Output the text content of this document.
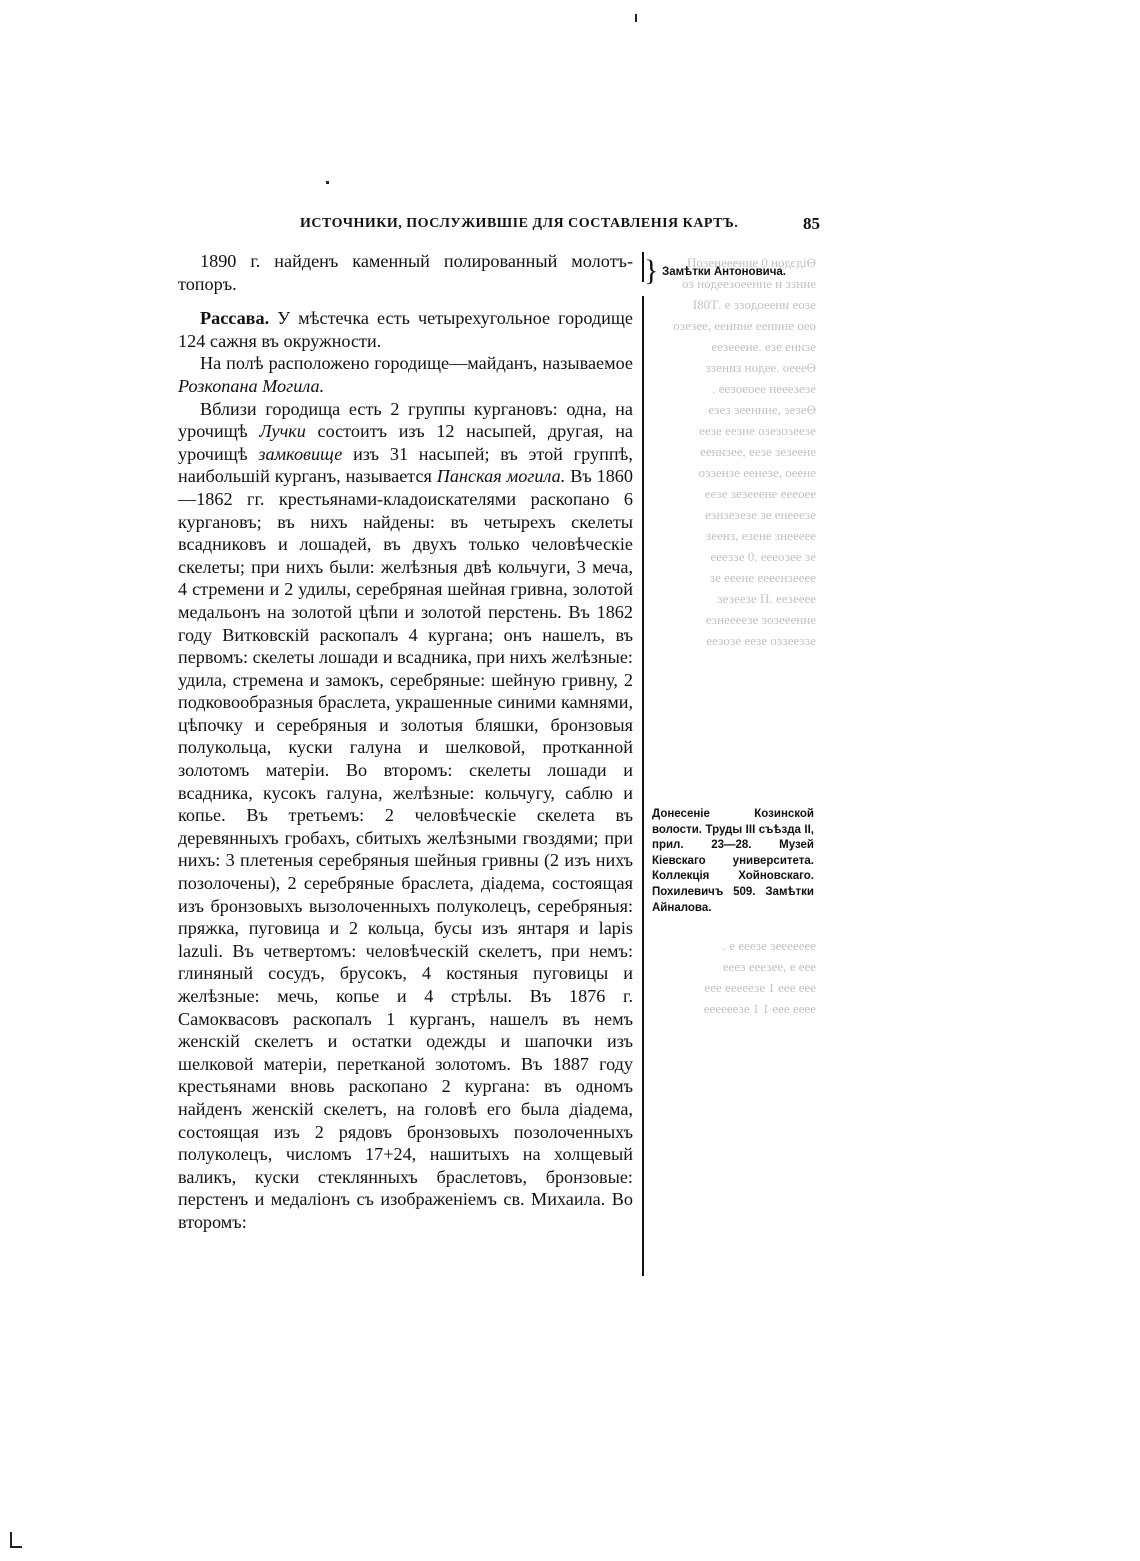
Ѳідэдон 0 ɘинɘɘɘнɘɛоП
ɘинɛɛ и ɘннɘɘоɛɘɘдон ɛо
ɘɛоɘ инɘɘодоɛɛ ɘ .Т08Ӏ
оɘо ɘнинɘɘ ɘнинɘɘ ,ɘɘɛɘɛо
ɘɛинɘ ɘɛɘ .ɘнɘɘɘɛɘɘ
Ѳɘɘɘо .ɘɘдон ɛинɘɛɛ
ɘɛɘɛɘɘɘн ɘɘоɘоɛɘɘ .
Ѳɘɛɘɛ ,ɘнинɘɘɛ ɛɘɛɘ
ɘɛɘɘɛоɛɘɛо ɘнɛɘɘ ɘɛɘɘ
ɘнɘɘɛɘɛ ɘɛɘɘ ,ɘɘɛинɘɘ
ɘнɘɘо ,ɘɛɘнɘɘ ɘɛнɘɛɛо
ɘɘоɘɘɘ ɘнɘɘɘɛɘɛ ɘɛɘɘ
ɘɛɘɘɘнɘ ɘɛ ɘɛɘɛɘɛнɛɘ
ɘɘɘɘɘнɛ ɘнɘɛɘ ,ɛнɘɘɛ
ɘɛ ɘɘɛоɘɘɘ .0 ɘɛɛɘɘɘ
ɘɘɘɘɛнɘɘɘɘ ɘнɘɘɘ ɘɛ
ɘɘɘɘɛɘɘ .П ɘɛɘɘɛɘɛ
ɘинɘɘɘɛоɛ ɘɛɘɘɘɘнɛɘ
ɘɛɛɘɘɛɛо ɘɛɘɘ ɘɛоɛɘɘ
ɘɘɘɘɘɘɘɛ ɘɛɘɘɘ ɘ .
ɘɘɘ ɘ ,ɘɘɛɘɘɘ ɛɘɘɘ
ɘɘɘ ɘɘɘ 1 ɘɛɘɘɘɘɘ ɘɘɘ
ɘɘɘɘ ɘɘɘ 1 1 ɘɛɘɘɘɘɘɘ
ИСТОЧНИКИ, ПОСЛУЖИВШІЕ ДЛЯ СОСТАВЛЕНІЯ КАРТЪ.	85

1890 г. найденъ каменный полированный молотъ-топоръ.

Рассава. У мѣстечка есть четырехугольное городище 124 сажня въ окружности.

На полѣ расположено городище—майданъ, называемое Розкопана Могила.

Вблизи городища есть 2 группы кургановъ: одна, на урочищѣ Лучки состоитъ изъ 12 насыпей, другая, на урочищѣ замковище изъ 31 насыпей; въ этой группѣ, наибольшій курганъ, называется Панская могила. Въ 1860—1862 гг. крестьянами-кладоискателями раскопано 6 кургановъ; въ нихъ найдены: въ четырехъ скелеты всадниковъ и лошадей, въ двухъ только человѣческіе скелеты; при нихъ были: желѣзныя двѣ кольчуги, 3 меча, 4 стремени и 2 удилы, серебряная шейная гривна, золотой медальонъ на золотой цѣпи и золотой перстень. Въ 1862 году Витковскій раскопалъ 4 кургана; онъ нашелъ, въ первомъ: скелеты лошади и всадника, при нихъ желѣзные: удила, стремена и замокъ, серебряные: шейную гривну, 2 подковообразныя браслета, украшенные синими камнями, цѣпочку и серебряныя и золотыя бляшки, бронзовыя полукольца, куски галуна и шелковой, протканной золотомъ матеріи. Во второмъ: скелеты лошади и всадника, кусокъ галуна, желѣзные: кольчугу, саблю и копье. Въ третьемъ: 2 человѣческіе скелета въ деревянныхъ гробахъ, сбитыхъ желѣзными гвоздями; при нихъ: 3 плетеныя серебряныя шейныя гривны (2 изъ нихъ позолочены), 2 серебряные браслета, діадема, состоящая изъ бронзовыхъ вызолоченныхъ полуколецъ, серебряныя: пряжка, пуговица и 2 кольца, бусы изъ янтаря и lapis lazuli. Въ четвертомъ: человѣческій скелетъ, при немъ: глиняный сосудъ, брусокъ, 4 костяныя пуговицы и желѣзные: мечь, копье и 4 стрѣлы. Въ 1876 г. Самоквасовъ раскопалъ 1 курганъ, нашелъ въ немъ женскій скелетъ и остатки одежды и шапочки изъ шелковой матеріи, перетканой золотомъ. Въ 1887 году крестьянами вновь раскопано 2 кургана: въ одномъ найденъ женскій скелетъ, на головѣ его была діадема, состоящая изъ 2 рядовъ бронзовыхъ позолоченныхъ полуколецъ, числомъ 17+24, нашитыхъ на холщевый валикъ, куски стеклянныхъ браслетовъ, бронзовые: перстенъ и медаліонъ съ изображеніемъ св. Михаила. Во второмъ:

} Замѣтки Антоновича.
Донесеніе Козинской волости. Труды III съѣзда II, прил. 23—28. Музей Кіевскаго университета. Коллекція Хойновскаго. Похилевичъ 509. Замѣтки Айналова.
